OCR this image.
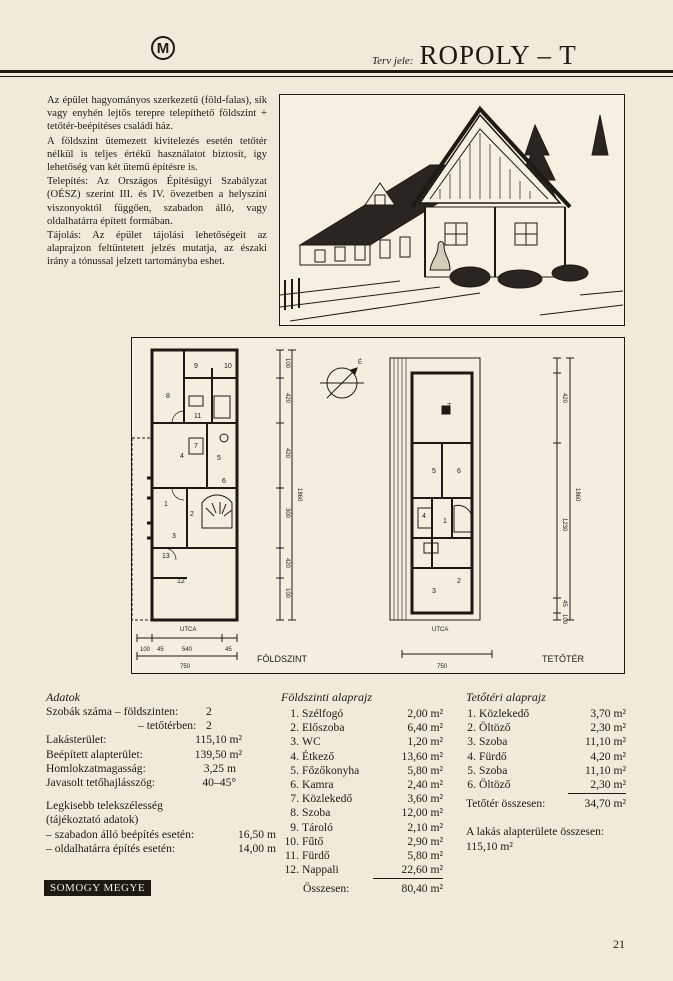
M
Terv jele: ROPOLY – T

Az épület hagyományos szerkezetű (föld-falas), sík vagy enyhén lejtős terepre telepíthető földszint + tetőtér-beépítéses családi ház.

A földszint ütemezett kivitelezés esetén tetőtér nélkül is teljes értékű használatot biztosít, így lehetőség van két ütemű építésre is.

Telepítés: Az Országos Építésügyi Szabályzat (OÉSZ) szerint III. és IV. övezetben a helyszíni viszonyoktól függően, szabadon álló, vagy oldalhatárra épített formában.

Tájolás: Az épület tájolási lehetőségeit az alaprajzon feltüntetett jelzés mutatja, az északi irány a tónussal jelzett tartományba eshet.

8
9	10
11
7
4	5
6
1
2
3
12
13
7
5	6
4
1
3
2
UTCA	UTCA
100 45	540	45
750	750
É
1860	1860
100
420
420
300
420
100
420
1230
45
100
FÖLDSZINT	TETŐTÉR
Adatok
Szobák száma – földszinten:	2
– tetőtérben: 2
Lakásterület:	115,10 m²
Beépített alapterület:	139,50 m²
Homlokzatmagasság:	3,25 m
Javasolt tetőhajlásszög:	40–45°
Legkisebb telekszélesség
(tájékoztató adatok)
– szabadon álló beépítés esetén:	16,50 m
– oldalhatárra építés esetén:	14,00 m
Földszinti alaprajz
1. Szélfogó	2,00 m²
2. Előszoba	6,40 m²
3. WC	1,20 m²
4. Étkező	13,60 m²
5. Főzőkonyha	5,80 m²
6. Kamra	2,40 m²
7. Közlekedő	3,60 m²
8. Szoba	12,00 m²
9. Tároló	2,10 m²
10. Fűtő	2,90 m²
11. Fürdő	5,80 m²
12. Nappali	22,60 m²
Összesen:	80,40 m²
Tetőtéri alaprajz
1. Közlekedő	3,70 m²
2. Öltöző	2,30 m²
3. Szoba	11,10 m²
4. Fürdő	4,20 m²
5. Szoba	11,10 m²
6. Öltöző	2,30 m²
Tetőtér összesen:	34,70 m²
A lakás alapterülete összesen:
115,10 m²
SOMOGY MEGYE
21
